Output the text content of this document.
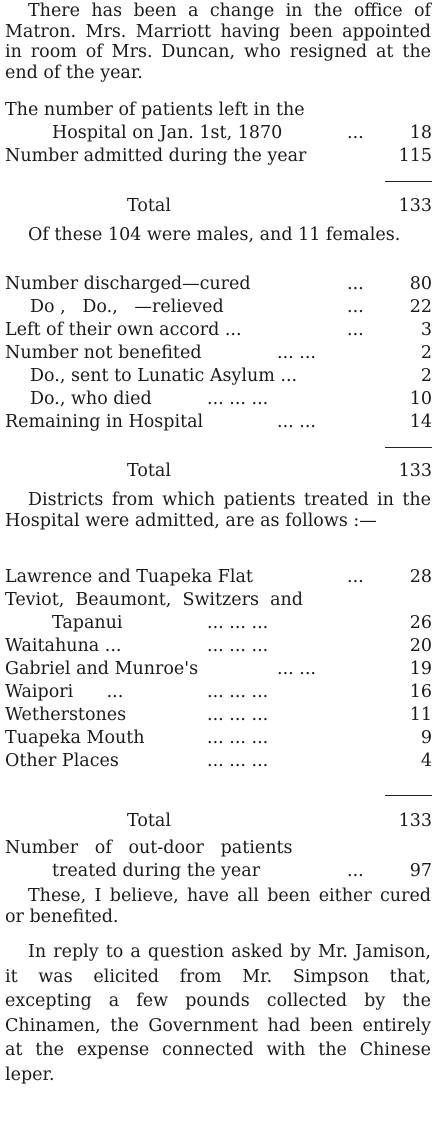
There has been a change in the office of Matron. Mrs. Marriott having been appointed in room of Mrs. Duncan, who resigned at the end of the year.

The number of patients left in the
Hospital on Jan. 1st, 1870	...	18
Number admitted during the year	115
Total	133

Of these 104 were males, and 11 females.

Number discharged—cured	...	80
Do ,   Do.,   —relieved	...	22
Left of their own accord ...	...	3
Number not benefited	... ...	2
Do., sent to Lunatic Asylum ...	2
Do., who died	... ... ...	10
Remaining in Hospital	... ...	14
Total	133

Districts from which patients treated in the Hospital were admitted, are as follows :—

Lawrence and Tuapeka Flat	...	28
Teviot,  Beaumont,  Switzers  and
Tapanui	... ... ...	26
Waitahuna ...	... ... ...	20
Gabriel and Munroe's	... ...	19
Waipori      ...	... ... ...	16
Wetherstones	... ... ...	11
Tuapeka Mouth	... ... ...	9
Other Places	... ... ...	4
Total	133
Number   of   out-door   patients
treated during the year	...	97

These, I believe, have all been either cured or benefited.

In reply to a question asked by Mr. Jamison, it was elicited from Mr. Simpson that, excepting a few pounds collected by the Chinamen, the Government had been entirely at the expense connected with the Chinese leper.
